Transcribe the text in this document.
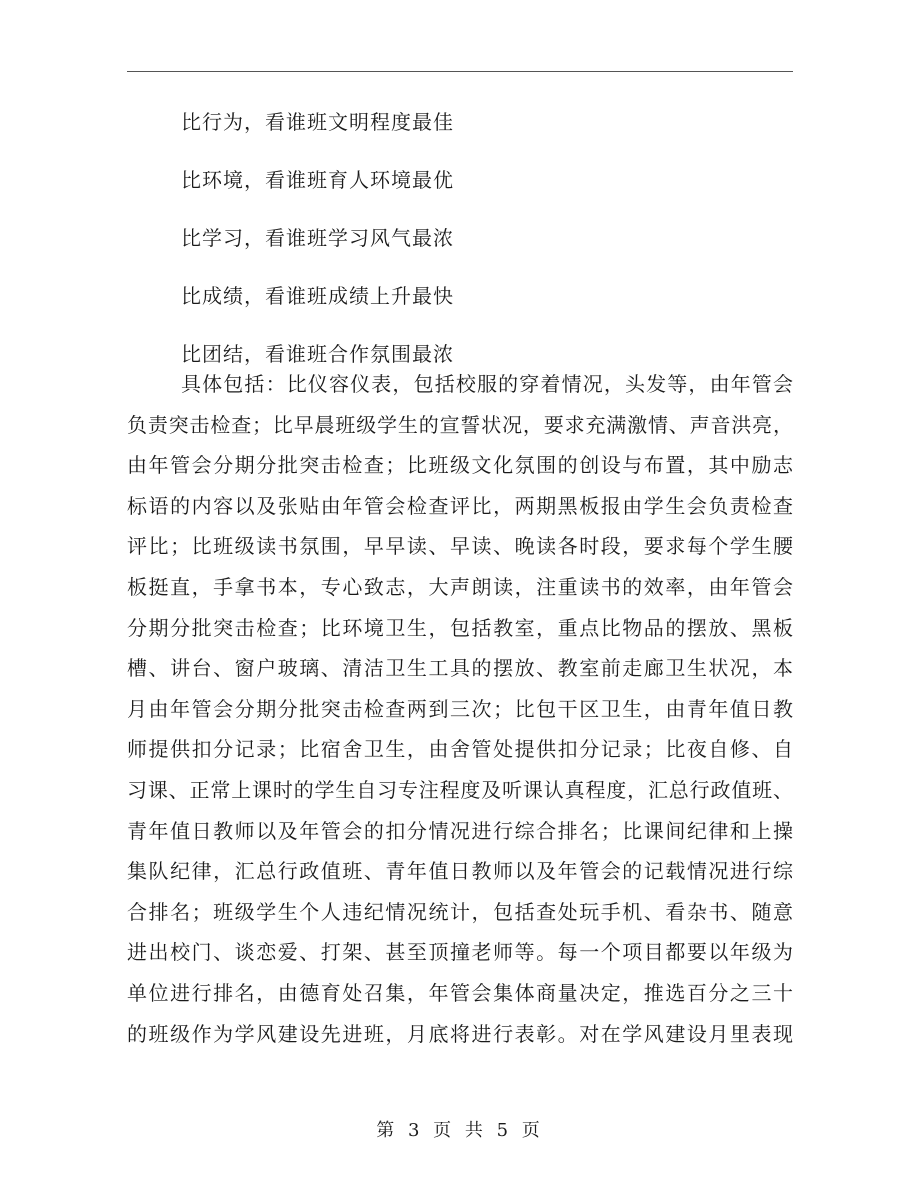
比行为，看谁班文明程度最佳
比环境，看谁班育人环境最优
比学习，看谁班学习风气最浓
比成绩，看谁班成绩上升最快
比团结，看谁班合作氛围最浓
具体包括：比仪容仪表，包括校服的穿着情况，头发等，由年管会
负责突击检查；比早晨班级学生的宣誓状况，要求充满激情、声音洪亮，
由年管会分期分批突击检查；比班级文化氛围的创设与布置，其中励志
标语的内容以及张贴由年管会检查评比，两期黑板报由学生会负责检查
评比；比班级读书氛围，早早读、早读、晚读各时段，要求每个学生腰
板挺直，手拿书本，专心致志，大声朗读，注重读书的效率，由年管会
分期分批突击检查；比环境卫生，包括教室，重点比物品的摆放、黑板
槽、讲台、窗户玻璃、清洁卫生工具的摆放、教室前走廊卫生状况，本
月由年管会分期分批突击检查两到三次；比包干区卫生，由青年值日教
师提供扣分记录；比宿舍卫生，由舍管处提供扣分记录；比夜自修、自
习课、正常上课时的学生自习专注程度及听课认真程度，汇总行政值班、
青年值日教师以及年管会的扣分情况进行综合排名；比课间纪律和上操
集队纪律，汇总行政值班、青年值日教师以及年管会的记载情况进行综
合排名；班级学生个人违纪情况统计，包括查处玩手机、看杂书、随意
进出校门、谈恋爱、打架、甚至顶撞老师等。每一个项目都要以年级为
单位进行排名，由德育处召集，年管会集体商量决定，推选百分之三十
的班级作为学风建设先进班，月底将进行表彰。对在学风建设月里表现
第 3 页 共 5 页
